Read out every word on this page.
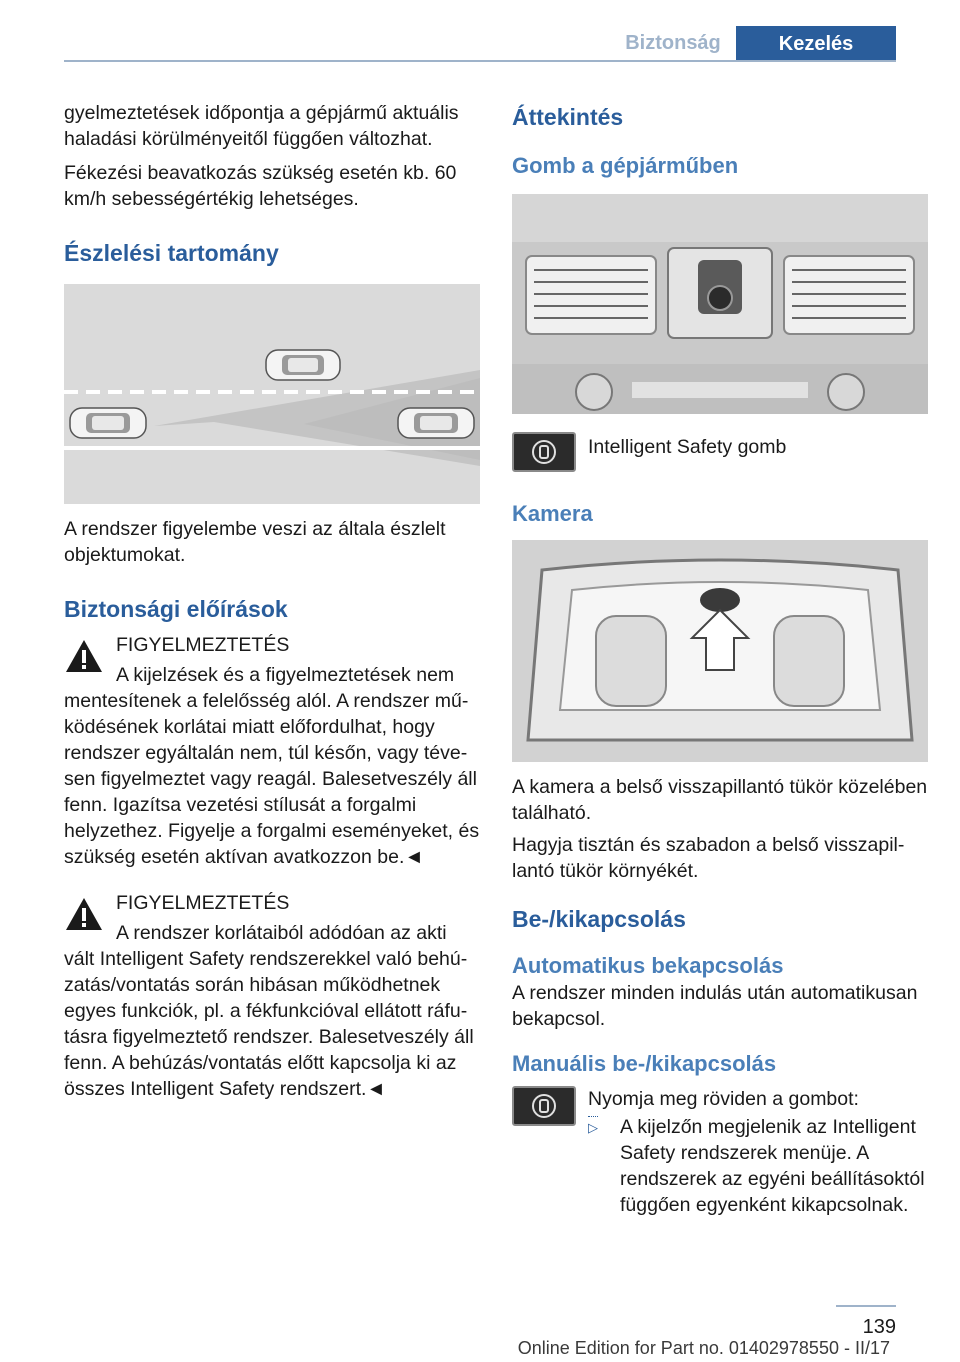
Biztonság	Kezelés

gyelmeztetések időpontja a gépjármű aktuális haladási körülményeitől függően változhat.

Fékezési beavatkozás szükség esetén kb. 60 km/h sebességértékig lehetséges.

Észlelési tartomány

A rendszer figyelembe veszi az általa észlelt objektumokat.

Biztonsági előírások
FIGYELMEZTETÉS
A kijelzések és a figyelmeztetések nem

mentesítenek a felelősség alól. A rendszer működésének korlátai miatt előfordulhat, hogy rendszer egyáltalán nem, túl későn, vagy tévesen figyelmeztet vagy reagál. Balesetveszély áll fenn. Igazítsa vezetési stílusát a forgalmi helyzethez. Figyelje a forgalmi eseményeket, és szükség esetén aktívan avatkozzon be.◄

FIGYELMEZTETÉS
A rendszer korlátaiból adódóan az akti

vált Intelligent Safety rendszerekkel való behúzatás/vontatás során hibásan működhetnek egyes funkciók, pl. a fékfunkcióval ellátott ráfutásra figyelmeztető rendszer. Balesetveszély áll fenn. A behúzás/vontatás előtt kapcsolja ki az összes Intelligent Safety rendszert.◄

Áttekintés
Gomb a gépjárműben
Intelligent Safety gomb
Kamera

A kamera a belső visszapillantó tükör közelében található.

Hagyja tisztán és szabadon a belső visszapillantó tükör környékét.

Be-/kikapcsolás
Automatikus bekapcsolás

A rendszer minden indulás után automatikusan bekapcsol.

Manuális be-/kikapcsolás
Nyomja meg röviden a gombot:
▷ A kijelzőn megjelenik az Intelligent Safety rendszerek menüje. A rendszerek az egyéni beállításoktól függően egyenként kikapcsolnak.
139
Online Edition for Part no. 01402978550 - II/17
